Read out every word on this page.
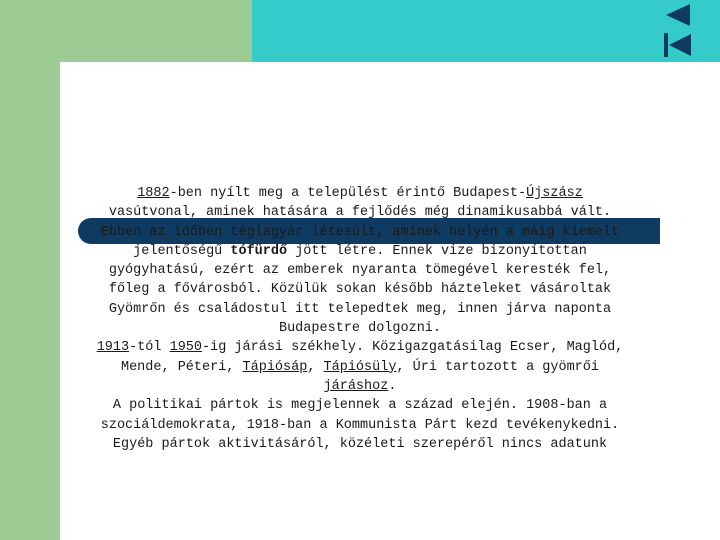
1882-ben nyílt meg a települést érintő Budapest-Újszász vasútvonal, aminek hatására a fejlődés még dinamikusabbá vált. Ebben az időben téglagyár létesült, aminek helyén a máig kiemelt jelentőségű tófürdő jött létre. Ennek vize bizonyítottan gyógyhatású, ezért az emberek nyaranta tömegével keresték fel, főleg a fővárosból. Közülük sokan később házteleket vásároltak Gyömrőn és családostul itt telepedtek meg, innen járva naponta Budapestre dolgozni.

1913-tól 1950-ig járási székhely. Közigazgatásilag Ecser, Maglód, Mende, Péteri, Tápiósáp, Tápiósüly, Úri tartozott a gyömrői járáshoz.

A politikai pártok is megjelennek a század elején. 1908-ban a szociáldemokrata, 1918-ban a Kommunista Párt kezd tevékenykedni. Egyéb pártok aktivitásáról, közéleti szerepéről nincs adatunk
